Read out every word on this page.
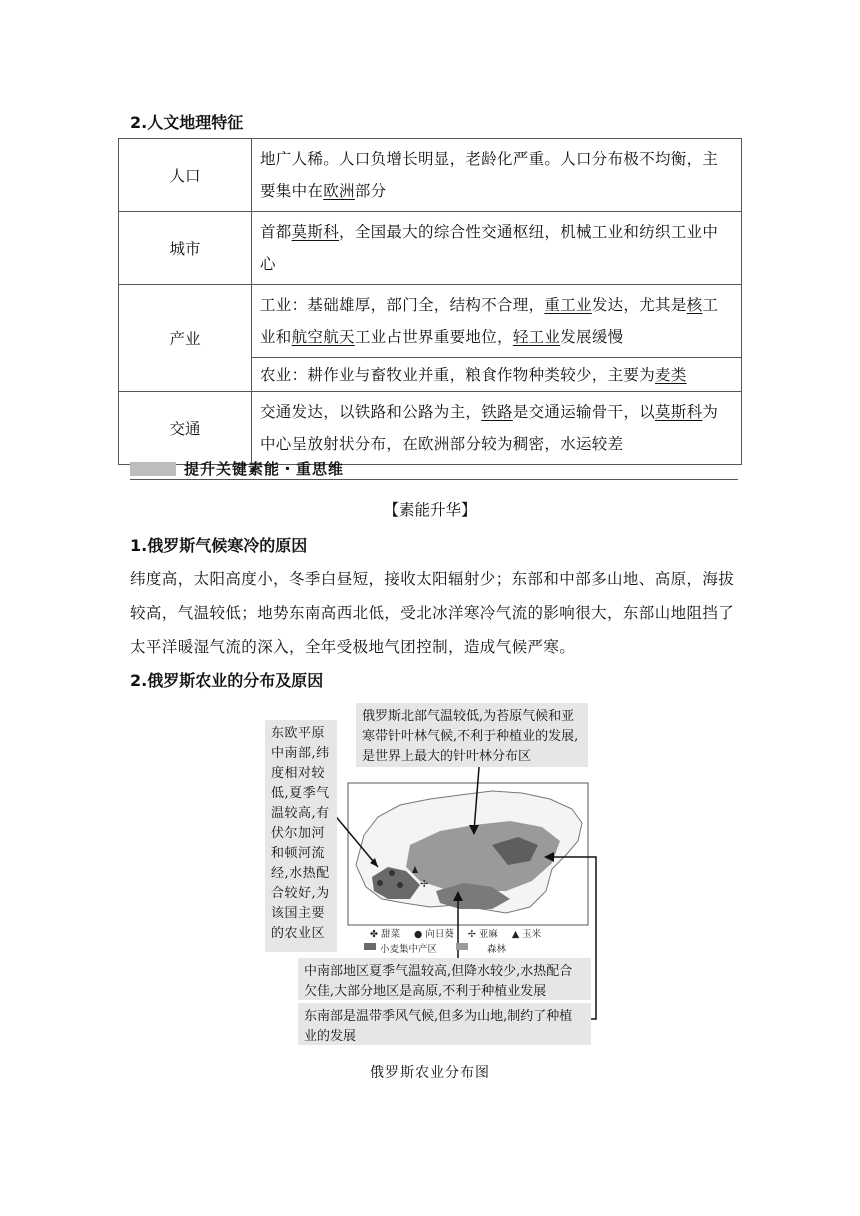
2.人文地理特征
人口	地广人稀。人口负增长明显，老龄化严重。人口分布极不均衡，主要集中在欧洲部分
城市	首都莫斯科，全国最大的综合性交通枢纽，机械工业和纺织工业中心
产业	工业：基础雄厚，部门全，结构不合理，重工业发达，尤其是核工业和航空航天工业占世界重要地位，轻工业发展缓慢
	农业：耕作业与畜牧业并重，粮食作物种类较少，主要为麦类
交通	交通发达，以铁路和公路为主，铁路是交通运输骨干，以莫斯科为中心呈放射状分布，在欧洲部分较为稠密，水运较差
提升关键素能・重思维
【素能升华】
1.俄罗斯气候寒冷的原因
纬度高，太阳高度小，冬季白昼短，接收太阳辐射少；东部和中部多山地、高原，海拔较高，气温较低；地势东南高西北低，受北冰洋寒冷气流的影响很大，东部山地阻挡了太平洋暖湿气流的深入，全年受极地气团控制，造成气候严寒。
2.俄罗斯农业的分布及原因
✢
✤ 甜菜 ● 向日葵 ✢ 亚麻 ▲ 玉米
小麦集中产区	森林
俄罗斯北部气温较低,为苔原气候和亚寒带针叶林气候,不利于种植业的发展,是世界上最大的针叶林分布区
东欧平原中南部,纬度相对较低,夏季气温较高,有伏尔加河和顿河流经,水热配合较好,为该国主要的农业区
中南部地区夏季气温较高,但降水较少,水热配合欠佳,大部分地区是高原,不利于种植业发展
东南部是温带季风气候,但多为山地,制约了种植业的发展
俄罗斯农业分布图
